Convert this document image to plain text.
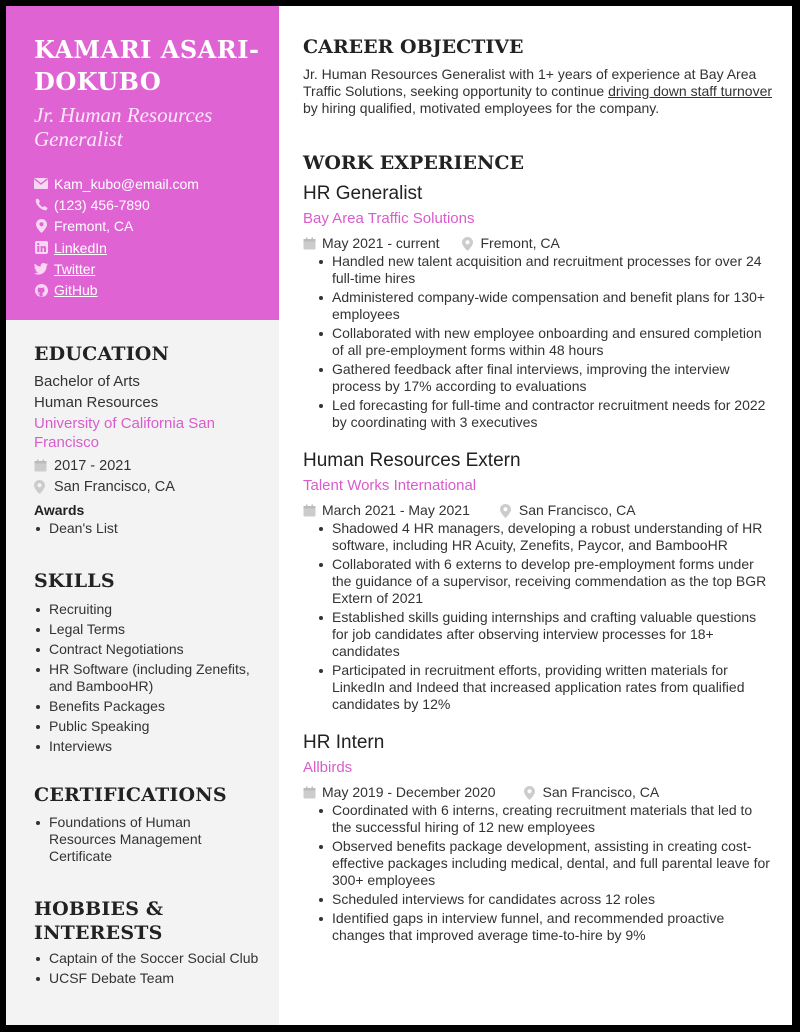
KAMARI ASARI-DOKUBO
Jr. Human Resources Generalist
Kam_kubo@email.com
(123) 456-7890
Fremont, CA
LinkedIn
Twitter
GitHub
EDUCATION
Bachelor of Arts
Human Resources
University of California San Francisco
2017 - 2021
San Francisco, CA
Awards
Dean's List
SKILLS
Recruiting
Legal Terms
Contract Negotiations
HR Software (including Zenefits, and BambooHR)
Benefits Packages
Public Speaking
Interviews
CERTIFICATIONS
Foundations of Human Resources Management Certificate
HOBBIES & INTERESTS
Captain of the Soccer Social Club
UCSF Debate Team
CAREER OBJECTIVE
Jr. Human Resources Generalist with 1+ years of experience at Bay Area Traffic Solutions, seeking opportunity to continue driving down staff turnover by hiring qualified, motivated employees for the company.
WORK EXPERIENCE
HR Generalist
Bay Area Traffic Solutions
May 2021 - current	Fremont, CA
Handled new talent acquisition and recruitment processes for over 24 full-time hires
Administered company-wide compensation and benefit plans for 130+ employees
Collaborated with new employee onboarding and ensured completion of all pre-employment forms within 48 hours
Gathered feedback after final interviews, improving the interview process by 17% according to evaluations
Led forecasting for full-time and contractor recruitment needs for 2022 by coordinating with 3 executives
Human Resources Extern
Talent Works International
March 2021 - May 2021	San Francisco, CA
Shadowed 4 HR managers, developing a robust understanding of HR software, including HR Acuity, Zenefits, Paycor, and BambooHR
Collaborated with 6 externs to develop pre-employment forms under the guidance of a supervisor, receiving commendation as the top BGR Extern of 2021
Established skills guiding internships and crafting valuable questions for job candidates after observing interview processes for 18+ candidates
Participated in recruitment efforts, providing written materials for LinkedIn and Indeed that increased application rates from qualified candidates by 12%
HR Intern
Allbirds
May 2019 - December 2020	San Francisco, CA
Coordinated with 6 interns, creating recruitment materials that led to the successful hiring of 12 new employees
Observed benefits package development, assisting in creating cost-effective packages including medical, dental, and full parental leave for 300+ employees
Scheduled interviews for candidates across 12 roles
Identified gaps in interview funnel, and recommended proactive changes that improved average time-to-hire by 9%
